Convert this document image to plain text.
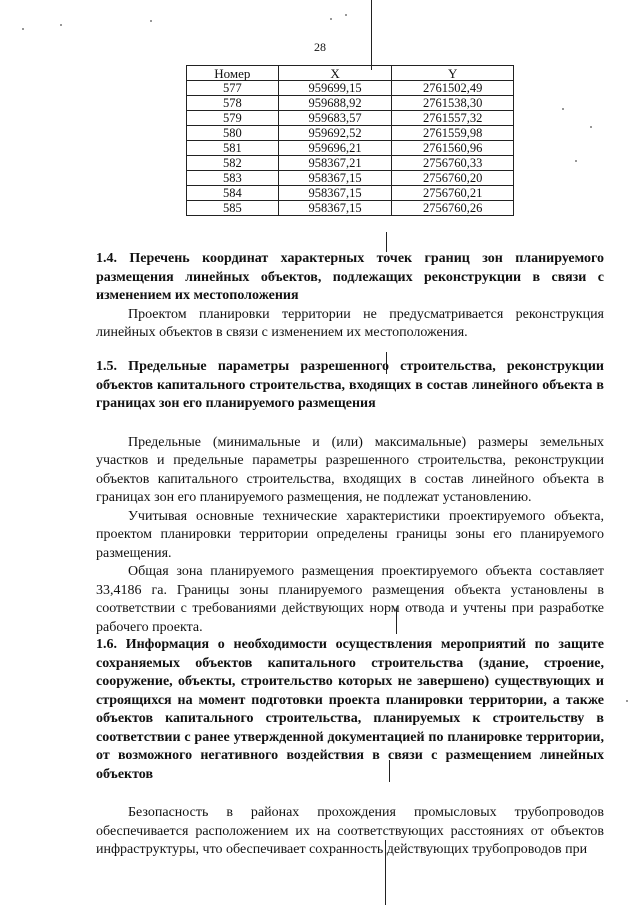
28
Номер	X	Y
577	959699,15	2761502,49
578	959688,92	2761538,30
579	959683,57	2761557,32
580	959692,52	2761559,98
581	959696,21	2761560,96
582	958367,21	2756760,33
583	958367,15	2756760,20
584	958367,15	2756760,21
585	958367,15	2756760,26
1.4. Перечень координат характерных точек границ зон планируемого размещения линейных объектов, подлежащих реконструкции в связи с изменением их местоположения
Проектом планировки территории не предусматривается реконструкция линейных объектов в связи с изменением их местоположения.
1.5. Предельные параметры разрешенного строительства, реконструкции объектов капитального строительства, входящих в состав линейного объекта в границах зон его планируемого размещения
Предельные (минимальные и (или) максимальные) размеры земельных участков и предельные параметры разрешенного строительства, реконструкции объектов капитального строительства, входящих в состав линейного объекта в границах зон его планируемого размещения, не подлежат установлению.
Учитывая основные технические характеристики проектируемого объекта, проектом планировки территории определены границы зоны его планируемого размещения.
Общая зона планируемого размещения проектируемого объекта составляет 33,4186 га. Границы зоны планируемого размещения объекта установлены в соответствии с требованиями действующих норм отвода и учтены при разработке рабочего проекта.
1.6. Информация о необходимости осуществления мероприятий по защите сохраняемых объектов капитального строительства (здание, строение, сооружение, объекты, строительство которых не завершено) существующих и строящихся на момент подготовки проекта планировки территории, а также объектов капитального строительства, планируемых к строительству в соответствии с ранее утвержденной документацией по планировке территории, от возможного негативного воздействия в связи с размещением линейных объектов
Безопасность в районах прохождения промысловых трубопроводов обеспечивается расположением их на соответствующих расстояниях от объектов инфраструктуры, что обеспечивает сохранность действующих трубопроводов при
